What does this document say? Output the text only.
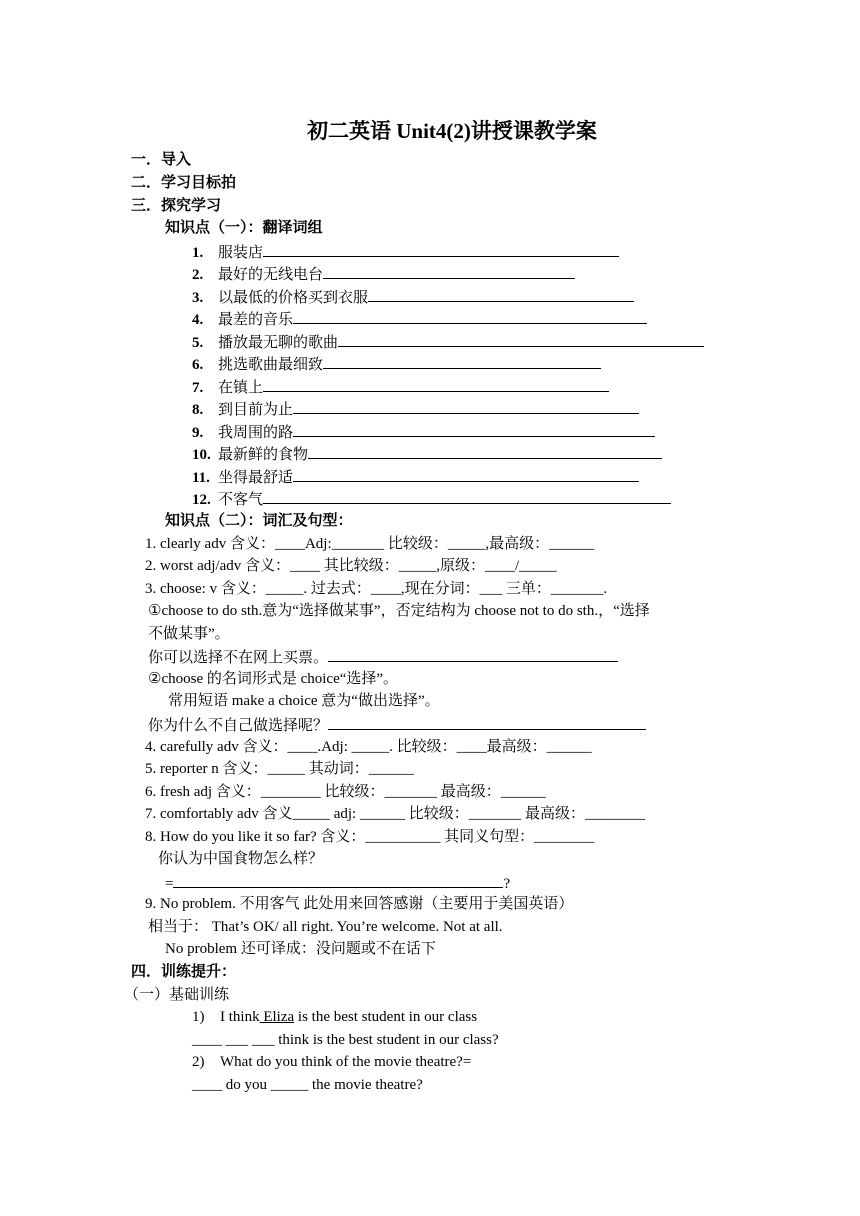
初二英语 Unit4(2)讲授课教学案
一．导入
二．学习目标拍
三．探究学习
知识点（一）：翻译词组
1. 服装店
2. 最好的无线电台
3. 以最低的价格买到衣服
4. 最差的音乐
5. 播放最无聊的歌曲
6. 挑选歌曲最细致
7. 在镇上
8. 到目前为止
9. 我周围的路
10. 最新鲜的食物
11. 坐得最舒适
12. 不客气
知识点（二）：词汇及句型：
1. clearly adv 含义：____Adj:_______ 比较级：_____,最高级：______
2. worst adj/adv 含义：____ 其比较级：_____,原级：____/_____
3. choose: v 含义：_____. 过去式：____,现在分词：___ 三单：_______.
①choose to do sth.意为“选择做某事”，否定结构为 choose not to do sth.，“选择
不做某事”。
你可以选择不在网上买票。
②choose 的名词形式是 choice“选择”。
常用短语 make a choice 意为“做出选择”。
你为什么不自己做选择呢？
4. carefully adv 含义：____.Adj: _____. 比较级：____最高级：______
5. reporter n 含义：_____ 其动词：______
6. fresh adj 含义：________ 比较级：_______ 最高级：______
7. comfortably adv 含义_____ adj: ______ 比较级：_______ 最高级：________
8. How do you like it so far? 含义：__________ 其同义句型：________
你认为中国食物怎么样？
=	?
9. No problem. 不用客气 此处用来回答感谢（主要用于美国英语）
相当于： That’s OK/ all right. You’re welcome. Not at all.
No problem 还可译成：没问题或不在话下
四．训练提升：
（一）基础训练
1) I think Eliza is the best student in our class
____ ___ ___ think is the best student in our class?
2) What do you think of the movie theatre?=
____ do you _____ the movie theatre?
